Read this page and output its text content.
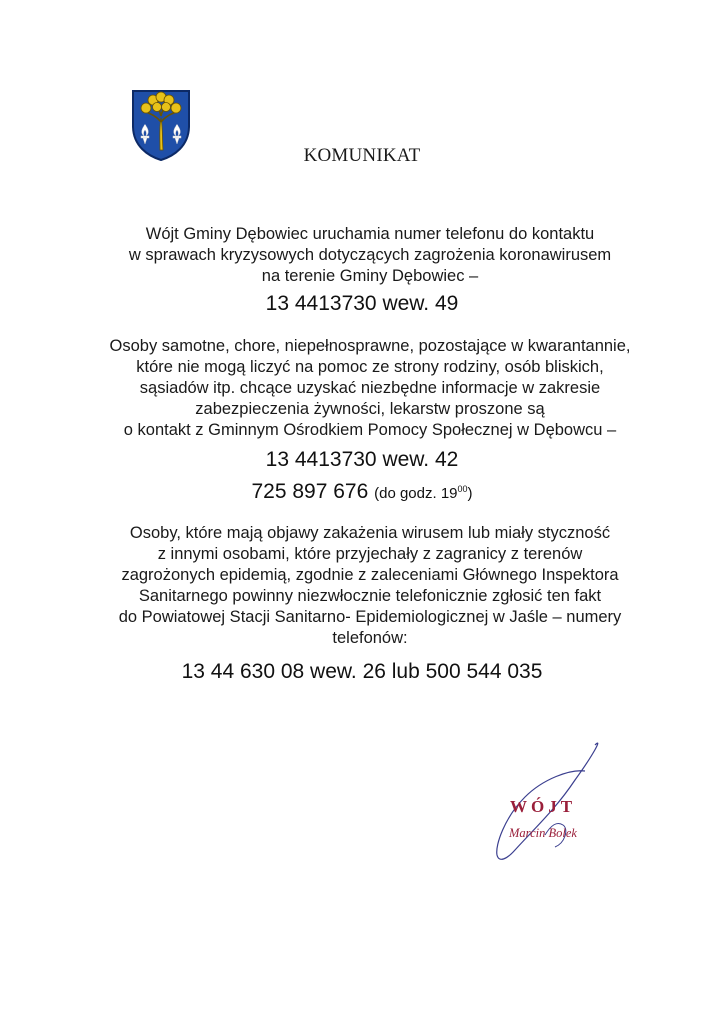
KOMUNIKAT
Wójt Gminy Dębowiec uruchamia numer telefonu do kontaktu
w sprawach kryzysowych dotyczących zagrożenia koronawirusem
na terenie Gminy Dębowiec –
13 4413730 wew. 49
Osoby samotne, chore, niepełnosprawne, pozostające w kwarantannie,
które nie mogą liczyć na pomoc ze strony rodziny, osób bliskich,
sąsiadów itp. chcące uzyskać niezbędne informacje w zakresie
zabezpieczenia żywności, lekarstw proszone są
o kontakt z Gminnym Ośrodkiem Pomocy Społecznej w Dębowcu –
13 4413730 wew. 42
725 897 676 (do godz. $19^{00}$)
Osoby, które mają objawy zakażenia wirusem lub miały styczność
z innymi osobami, które przyjechały z zagranicy z terenów
zagrożonych epidemią, zgodnie z zaleceniami Głównego Inspektora
Sanitarnego powinny niezwłocznie telefonicznie zgłosić ten fakt
do Powiatowej Stacji Sanitarno- Epidemiologicznej w Jaśle – numery
telefonów:
13 44 630 08 wew. 26 lub 500 544 035
WÓJT
Marcin Bolek
